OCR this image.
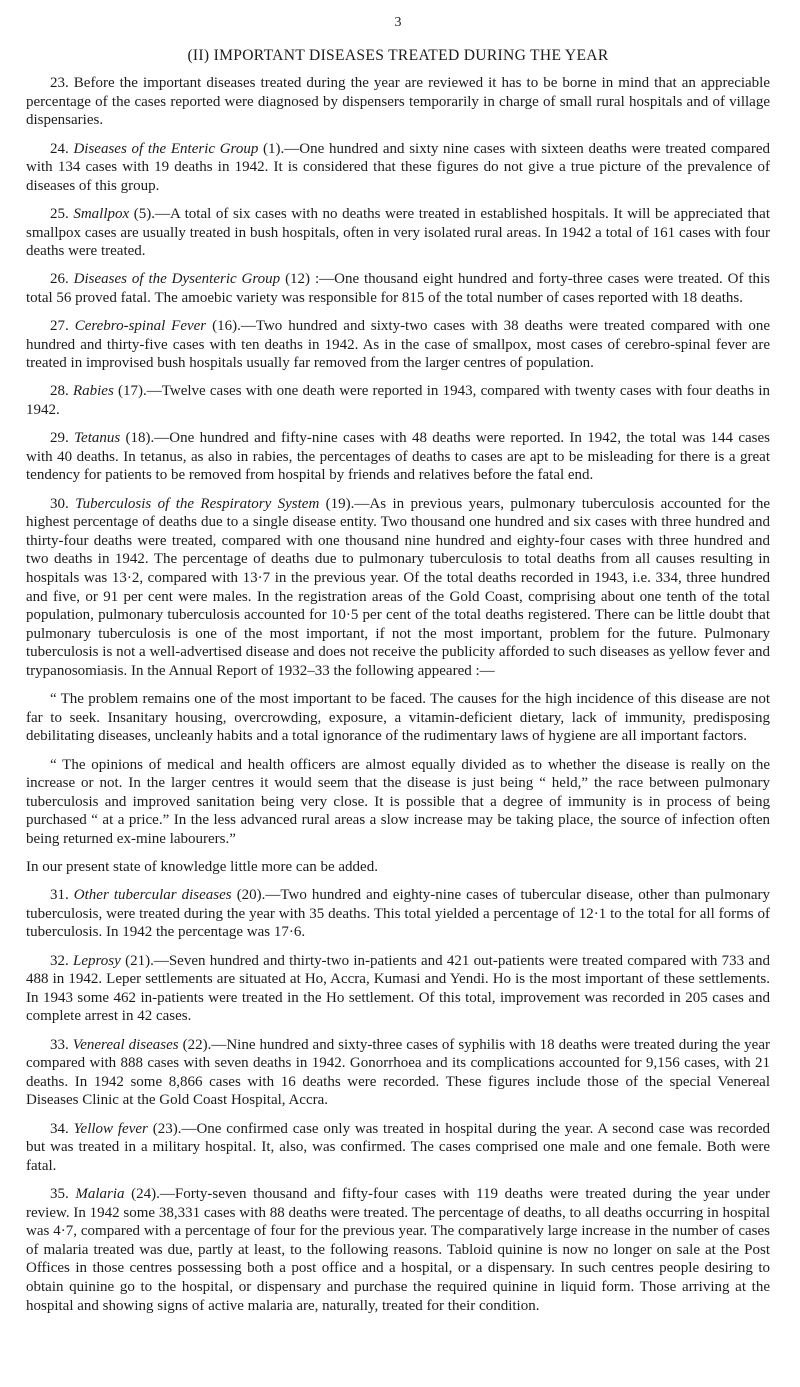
3
(II) IMPORTANT DISEASES TREATED DURING THE YEAR

23. Before the important diseases treated during the year are reviewed it has to be borne in mind that an appreciable percentage of the cases reported were diagnosed by dispensers temporarily in charge of small rural hospitals and of village dispensaries.

24. Diseases of the Enteric Group (1).—One hundred and sixty nine cases with sixteen deaths were treated compared with 134 cases with 19 deaths in 1942. It is considered that these figures do not give a true picture of the prevalence of diseases of this group.

25. Smallpox (5).—A total of six cases with no deaths were treated in established hospitals. It will be appreciated that smallpox cases are usually treated in bush hospitals, often in very isolated rural areas. In 1942 a total of 161 cases with four deaths were treated.

26. Diseases of the Dysenteric Group (12) :—One thousand eight hundred and forty-three cases were treated. Of this total 56 proved fatal. The amoebic variety was responsible for 815 of the total number of cases reported with 18 deaths.

27. Cerebro-spinal Fever (16).—Two hundred and sixty-two cases with 38 deaths were treated compared with one hundred and thirty-five cases with ten deaths in 1942. As in the case of smallpox, most cases of cerebro-spinal fever are treated in improvised bush hospitals usually far removed from the larger centres of population.

28. Rabies (17).—Twelve cases with one death were reported in 1943, compared with twenty cases with four deaths in 1942.

29. Tetanus (18).—One hundred and fifty-nine cases with 48 deaths were reported. In 1942, the total was 144 cases with 40 deaths. In tetanus, as also in rabies, the percentages of deaths to cases are apt to be misleading for there is a great tendency for patients to be removed from hospital by friends and relatives before the fatal end.

30. Tuberculosis of the Respiratory System (19).—As in previous years, pulmonary tuberculosis accounted for the highest percentage of deaths due to a single disease entity. Two thousand one hundred and six cases with three hundred and thirty-four deaths were treated, compared with one thousand nine hundred and eighty-four cases with three hundred and two deaths in 1942. The percentage of deaths due to pulmonary tuberculosis to total deaths from all causes resulting in hospitals was 13·2, compared with 13·7 in the previous year. Of the total deaths recorded in 1943, i.e. 334, three hundred and five, or 91 per cent were males. In the registration areas of the Gold Coast, comprising about one tenth of the total population, pulmonary tuberculosis accounted for 10·5 per cent of the total deaths registered. There can be little doubt that pulmonary tuberculosis is one of the most important, if not the most important, problem for the future. Pulmonary tuberculosis is not a well-advertised disease and does not receive the publicity afforded to such diseases as yellow fever and trypanosomiasis. In the Annual Report of 1932–33 the following appeared :—

“ The problem remains one of the most important to be faced. The causes for the high incidence of this disease are not far to seek. Insanitary housing, overcrowding, exposure, a vitamin-deficient dietary, lack of immunity, predisposing debilitating diseases, uncleanly habits and a total ignorance of the rudimentary laws of hygiene are all important factors.

“ The opinions of medical and health officers are almost equally divided as to whether the disease is really on the increase or not. In the larger centres it would seem that the disease is just being “ held,” the race between pulmonary tuberculosis and improved sanitation being very close. It is possible that a degree of immunity is in process of being purchased “ at a price.” In the less advanced rural areas a slow increase may be taking place, the source of infection often being returned ex-mine labourers.”

In our present state of knowledge little more can be added.

31. Other tubercular diseases (20).—Two hundred and eighty-nine cases of tubercular disease, other than pulmonary tuberculosis, were treated during the year with 35 deaths. This total yielded a percentage of 12·1 to the total for all forms of tuberculosis. In 1942 the percentage was 17·6.

32. Leprosy (21).—Seven hundred and thirty-two in-patients and 421 out-patients were treated compared with 733 and 488 in 1942. Leper settlements are situated at Ho, Accra, Kumasi and Yendi. Ho is the most important of these settlements. In 1943 some 462 in-patients were treated in the Ho settlement. Of this total, improvement was recorded in 205 cases and complete arrest in 42 cases.

33. Venereal diseases (22).—Nine hundred and sixty-three cases of syphilis with 18 deaths were treated during the year compared with 888 cases with seven deaths in 1942. Gonorrhoea and its complications accounted for 9,156 cases, with 21 deaths. In 1942 some 8,866 cases with 16 deaths were recorded. These figures include those of the special Venereal Diseases Clinic at the Gold Coast Hospital, Accra.

34. Yellow fever (23).—One confirmed case only was treated in hospital during the year. A second case was recorded but was treated in a military hospital. It, also, was confirmed. The cases comprised one male and one female. Both were fatal.

35. Malaria (24).—Forty-seven thousand and fifty-four cases with 119 deaths were treated during the year under review. In 1942 some 38,331 cases with 88 deaths were treated. The percentage of deaths, to all deaths occurring in hospital was 4·7, compared with a percentage of four for the previous year. The comparatively large increase in the number of cases of malaria treated was due, partly at least, to the following reasons. Tabloid quinine is now no longer on sale at the Post Offices in those centres possessing both a post office and a hospital, or a dispensary. In such centres people desiring to obtain quinine go to the hospital, or dispensary and purchase the required quinine in liquid form. Those arriving at the hospital and showing signs of active malaria are, naturally, treated for their condition.
